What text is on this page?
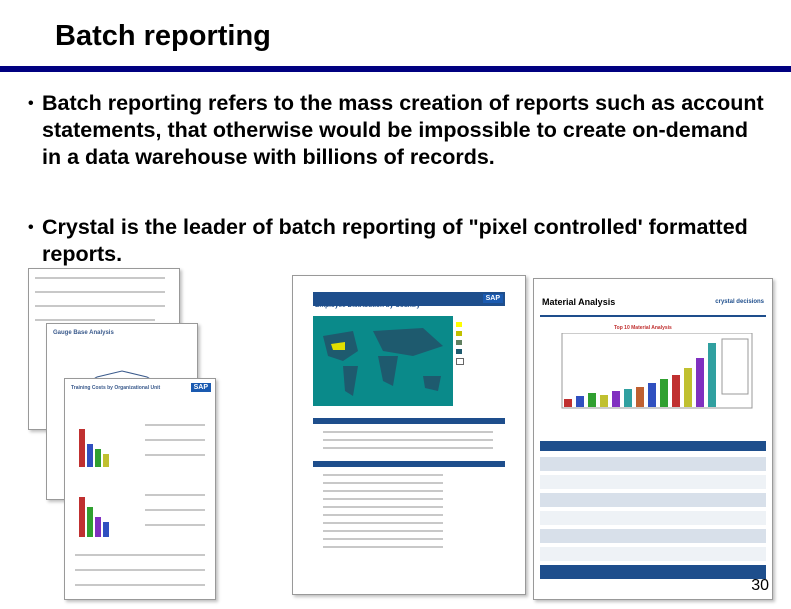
Batch reporting
• Batch reporting refers to the mass creation of reports such as account statements, that otherwise would be impossible to create on-demand in a data warehouse with billions of records.
• Crystal is the leader of batch reporting of "pixel controlled' formatted reports.
Gauge Base Analysis
Training Costs by Organizational Unit	SAP
Employee Distribution by Country
SAP	Material Analysis	crystal decisions
Top 10 Material Analysis
30
